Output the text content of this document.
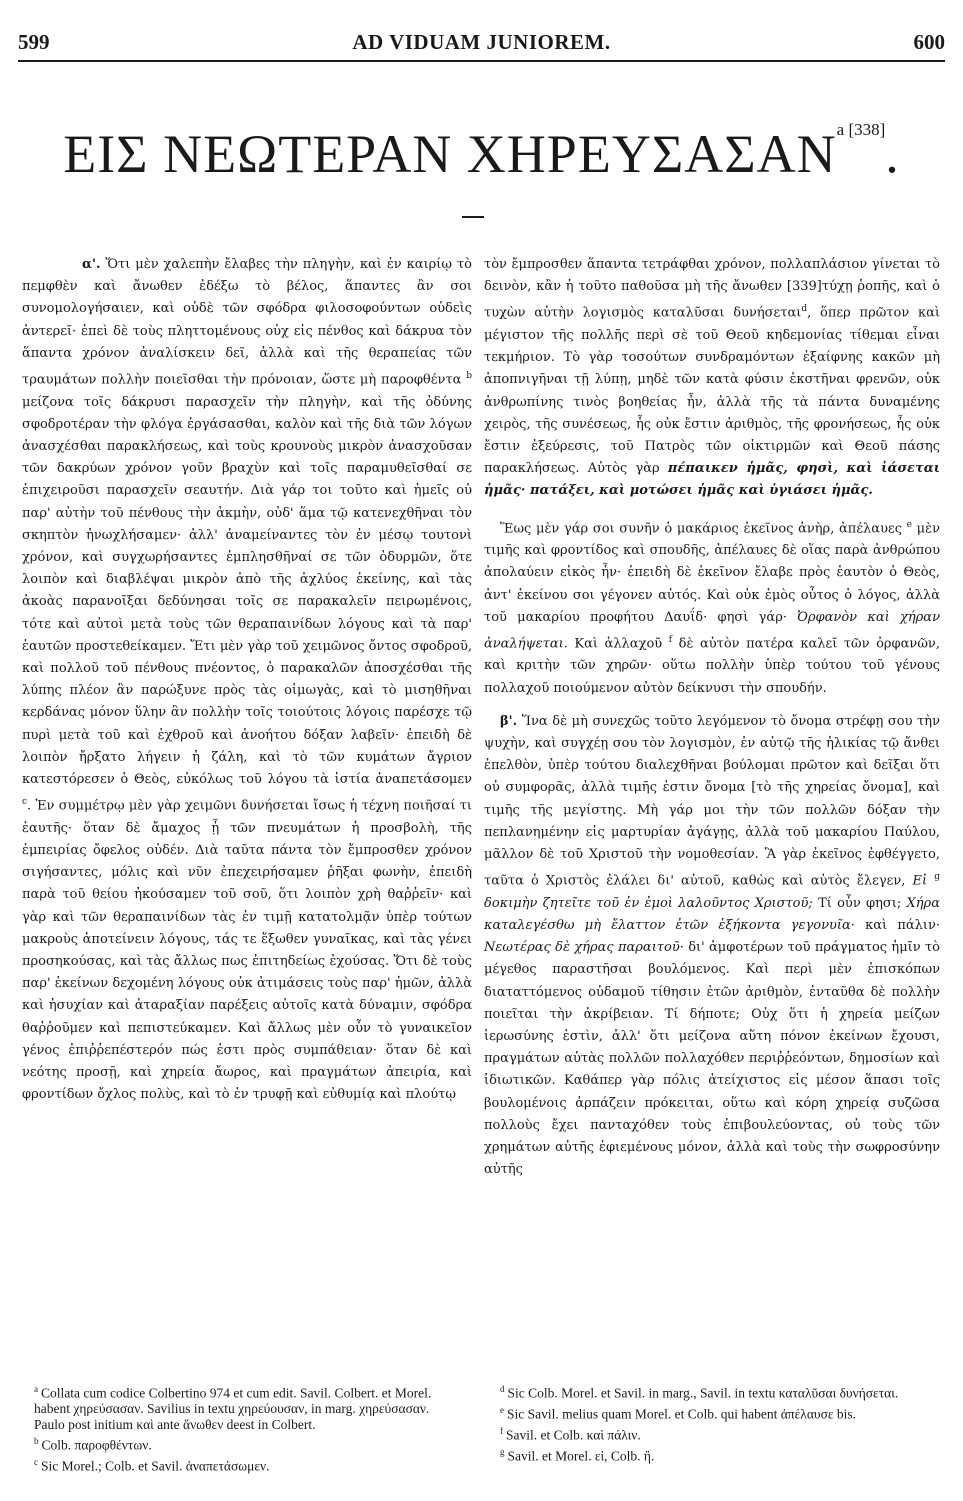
599	AD VIDUAM JUNIOREM.	600
ΕΙΣ ΝΕΩΤΕΡΑΝ $XHPE\Upsilon\Sigma A\Sigma AN^{a [338]}$.

α'. Ὅτι μὲν χαλεπὴν ἔλαβες τὴν πληγὴν, καὶ ἐν καιρίῳ τὸ πεμφθὲν καὶ ἄνωθεν ἐδέξω τὸ βέλος, ἅπαντες ἂν σοι συνομολογήσαιεν, καὶ οὐδὲ τῶν σφόδρα φιλοσοφούντων οὐδεὶς ἀντερεῖ· ἐπεὶ δὲ τοὺς πληττομένους οὐχ εἰς πένθος καὶ δάκρυα τὸν ἅπαντα χρόνον ἀναλίσκειν δεῖ, ἀλλὰ καὶ τῆς θεραπείας τῶν τραυμάτων πολλὴν ποιεῖσθαι τὴν πρόνοιαν, ὥστε μὴ παροφθέντα $^b$ μείζονα τοῖς δάκρυσι παρασχεῖν τὴν πληγὴν, καὶ τῆς ὀδύνης σφοδροτέραν τὴν φλόγα ἐργάσασθαι, καλὸν καὶ τῆς διὰ τῶν λόγων ἀνασχέσθαι παρακλήσεως, καὶ τοὺς κρουνοὺς μικρὸν ἀνασχοῦσαν τῶν δακρύων χρόνον γοῦν βραχὺν καὶ τοῖς παραμυθεῖσθαί σε ἐπιχειροῦσι παρασχεῖν σεαυτήν. Διὰ γάρ τοι τοῦτο καὶ ἡμεῖς οὐ παρ' αὐτὴν τοῦ πένθους τὴν ἀκμὴν, οὐδ' ἅμα τῷ κατενεχθῆναι τὸν σκηπτὸν ἠνωχλήσαμεν· ἀλλ' ἀναμείναντες τὸν ἐν μέσῳ τουτονὶ χρόνον, καὶ συγχωρήσαντες ἐμπλησθῆναί σε τῶν ὀδυρμῶν, ὅτε λοιπὸν καὶ διαβλέψαι μικρὸν ἀπὸ τῆς ἀχλύος ἐκείνης, καὶ τὰς ἀκοὰς παρανοῖξαι δεδύνησαι τοῖς σε παρακαλεῖν πειρωμένοις, τότε καὶ αὐτοὶ μετὰ τοὺς τῶν θεραπαινίδων λόγους καὶ τὰ παρ' ἑαυτῶν προστεθείκαμεν. Ἔτι μὲν γὰρ τοῦ χειμῶνος ὄντος σφοδροῦ, καὶ πολλοῦ τοῦ πένθους πνέοντος, ὁ παρακαλῶν ἀποσχέσθαι τῆς λύπης πλέον ἂν παρώξυνε πρὸς τὰς οἰμωγὰς, καὶ τὸ μισηθῆναι κερδάνας μόνον ὕλην ἂν πολλὴν τοῖς τοιούτοις λόγοις παρέσχε τῷ πυρὶ μετὰ τοῦ καὶ ἐχθροῦ καὶ ἀνοήτου δόξαν λαβεῖν· ἐπειδὴ δὲ λοιπὸν ἤρξατο λήγειν ἡ ζάλη, καὶ τὸ τῶν κυμάτων ἄγριον κατεστόρεσεν ὁ Θεὸς, εὐκόλως τοῦ λόγου τὰ ἱστία ἀναπετάσομεν $^c$. Ἐν συμμέτρῳ μὲν γὰρ χειμῶνι δυνήσεται ἴσως ἡ τέχνη ποιῆσαί τι ἑαυτῆς· ὅταν δὲ ἄμαχος ᾖ τῶν πνευμάτων ἡ προσβολὴ, τῆς ἐμπειρίας ὄφελος οὐδέν. Διὰ ταῦτα πάντα τὸν ἔμπροσθεν χρόνον σιγήσαντες, μόλις καὶ νῦν ἐπεχειρήσαμεν ῥῆξαι φωνὴν, ἐπειδὴ παρὰ τοῦ θείου ἠκούσαμεν τοῦ σοῦ, ὅτι λοιπὸν χρὴ θαῤῥεῖν· καὶ γὰρ καὶ τῶν θεραπαινίδων τὰς ἐν τιμῇ κατατολμᾷν ὑπὲρ τούτων μακροὺς ἀποτείνειν λόγους, τάς τε ἔξωθεν γυναῖκας, καὶ τὰς γένει προσηκούσας, καὶ τὰς ἄλλως πως ἐπιτηδείως ἐχούσας. Ὅτι δὲ τοὺς παρ' ἐκείνων δεχομένη λόγους οὐκ ἀτιμάσεις τοὺς παρ' ἡμῶν, ἀλλὰ καὶ ἡσυχίαν καὶ ἀταραξίαν παρέξεις αὐτοῖς κατὰ δύναμιν, σφόδρα θαῤῥοῦμεν καὶ πεπιστεύκαμεν. Καὶ ἄλλως μὲν οὖν τὸ γυναικεῖον γένος ἐπιῤῥεπέστερόν πώς ἐστι πρὸς συμπάθειαν· ὅταν δὲ καὶ νεότης προσῇ, καὶ χηρεία ἄωρος, καὶ πραγμάτων ἀπειρία, καὶ φροντίδων ὄχλος πολὺς, καὶ τὸ ἐν τρυφῇ καὶ εὐθυμίᾳ καὶ πλούτῳ

τὸν ἔμπροσθεν ἅπαντα τετράφθαι χρόνον, πολλαπλάσιον γίνεται τὸ δεινὸν, κἂν ἡ τοῦτο παθοῦσα μὴ τῆς ἄνωθεν [339]τύχῃ ῥοπῆς, καὶ ὁ τυχὼν αὐτὴν λογισμὸς καταλῦσαι δυνήσεται$^d$, ὅπερ πρῶτον καὶ μέγιστον τῆς πολλῆς περὶ σὲ τοῦ Θεοῦ κηδεμονίας τίθεμαι εἶναι τεκμήριον. Τὸ γὰρ τοσούτων συνδραμόντων ἐξαίφνης κακῶν μὴ ἀποπνιγῆναι τῇ λύπῃ, μηδὲ τῶν κατὰ φύσιν ἐκστῆναι φρενῶν, οὐκ ἀνθρωπίνης τινὸς βοηθείας ἦν, ἀλλὰ τῆς τὰ πάντα δυναμένης χειρὸς, τῆς συνέσεως, ἧς οὐκ ἔστιν ἀριθμὸς, τῆς φρονήσεως, ἧς οὐκ ἔστιν ἐξεύρεσις, τοῦ Πατρὸς τῶν οἰκτιρμῶν καὶ Θεοῦ πάσης παρακλήσεως. Αὐτὸς γὰρ πέπαικεν ἡμᾶς, φησὶ, καὶ ἰάσεται ἡμᾶς· πατάξει, καὶ μοτώσει ἡμᾶς καὶ ὑγιάσει ἡμᾶς.

Ἕως μὲν γάρ σοι συνῆν ὁ μακάριος ἐκεῖνος ἀνὴρ, ἀπέλαυες $^e$ μὲν τιμῆς καὶ φροντίδος καὶ σπουδῆς, ἀπέλαυες δὲ οἵας παρὰ ἀνθρώπου ἀπολαύειν εἰκὸς ἦν· ἐπειδὴ δὲ ἐκεῖνον ἔλαβε πρὸς ἑαυτὸν ὁ Θεὸς, ἀντ' ἐκείνου σοι γέγονεν αὐτός. Καὶ οὐκ ἐμὸς οὗτος ὁ λόγος, ἀλλὰ τοῦ μακαρίου προφήτου Δαυΐδ· φησὶ γάρ· Ὀρφανὸν καὶ χήραν ἀναλήψεται. Καὶ ἀλλαχοῦ $^f$ δὲ αὐτὸν πατέρα καλεῖ τῶν ὀρφανῶν, καὶ κριτὴν τῶν χηρῶν· οὕτω πολλὴν ὑπὲρ τούτου τοῦ γένους πολλαχοῦ ποιούμενον αὐτὸν δείκνυσι τὴν σπουδήν.

β'. Ἵνα δὲ μὴ συνεχῶς τοῦτο λεγόμενον τὸ ὄνομα στρέφῃ σου τὴν ψυχὴν, καὶ συγχέῃ σου τὸν λογισμὸν, ἐν αὐτῷ τῆς ἡλικίας τῷ ἄνθει ἐπελθὸν, ὑπὲρ τούτου διαλεχθῆναι βούλομαι πρῶτον καὶ δεῖξαι ὅτι οὐ συμφορᾶς, ἀλλὰ τιμῆς ἐστιν ὄνομα [τὸ τῆς χηρείας ὄνομα], καὶ τιμῆς τῆς μεγίστης. Μὴ γάρ μοι τὴν τῶν πολλῶν δόξαν τὴν πεπλανημένην εἰς μαρτυρίαν ἀγάγῃς, ἀλλὰ τοῦ μακαρίου Παύλου, μᾶλλον δὲ τοῦ Χριστοῦ τὴν νομοθεσίαν. Ἃ γὰρ ἐκεῖνος ἐφθέγγετο, ταῦτα ὁ Χριστὸς ἐλάλει δι' αὐτοῦ, καθὼς καὶ αὐτὸς ἔλεγεν, Εἰ $^g$ δοκιμὴν ζητεῖτε τοῦ ἐν ἐμοὶ λαλοῦντος Χριστοῦ; Τί οὖν φησι; Χήρα καταλεγέσθω μὴ ἔλαττον ἐτῶν ἑξήκοντα γεγονυῖα· καὶ πάλιν· Νεωτέρας δὲ χήρας παραιτοῦ· δι' ἀμφοτέρων τοῦ πράγματος ἡμῖν τὸ μέγεθος παραστῆσαι βουλόμενος. Καὶ περὶ μὲν ἐπισκόπων διαταττόμενος οὐδαμοῦ τίθησιν ἐτῶν ἀριθμὸν, ἐνταῦθα δὲ πολλὴν ποιεῖται τὴν ἀκρίβειαν. Τί δήποτε; Οὐχ ὅτι ἡ χηρεία μείζων ἱερωσύνης ἐστὶν, ἀλλ' ὅτι μείζονα αὕτη πόνον ἐκείνων ἔχουσι, πραγμάτων αὐτὰς πολλῶν πολλαχόθεν περιῤῥεόντων, δημοσίων καὶ ἰδιωτικῶν. Καθάπερ γὰρ πόλις ἀτείχιστος εἰς μέσον ἅπασι τοῖς βουλομένοις ἁρπάζειν πρόκειται, οὕτω καὶ κόρη χηρείᾳ συζῶσα πολλοὺς ἔχει πανταχόθεν τοὺς ἐπιβουλεύοντας, οὐ τοὺς τῶν χρημάτων αὐτῆς ἐφιεμένους μόνον, ἀλλὰ καὶ τοὺς τὴν σωφροσύνην αὐτῆς

$^a$ Collata cum codice Colbertino 974 et cum edit. Savil. Colbert. et Morel. habent χηρεύσασαν. Savilius in textu χηρεύουσαν, in marg. χηρεύσασαν. Paulo post initium καὶ ante ἄνωθεν deest in Colbert.

$^b$ Colb. παροφθέντων.

$^c$ Sic Morel.; Colb. et Savil. ἀναπετάσωμεν.

$^d$ Sic Colb. Morel. et Savil. in marg., Savil. in textu καταλῦσαι δυνήσεται.

$^e$ Sic Savil. melius quam Morel. et Colb. qui habent ἀπέλαυσε bis.

$^f$ Savil. et Colb. καὶ πάλιν.

$^g$ Savil. et Morel. εἰ, Colb. ἢ.
